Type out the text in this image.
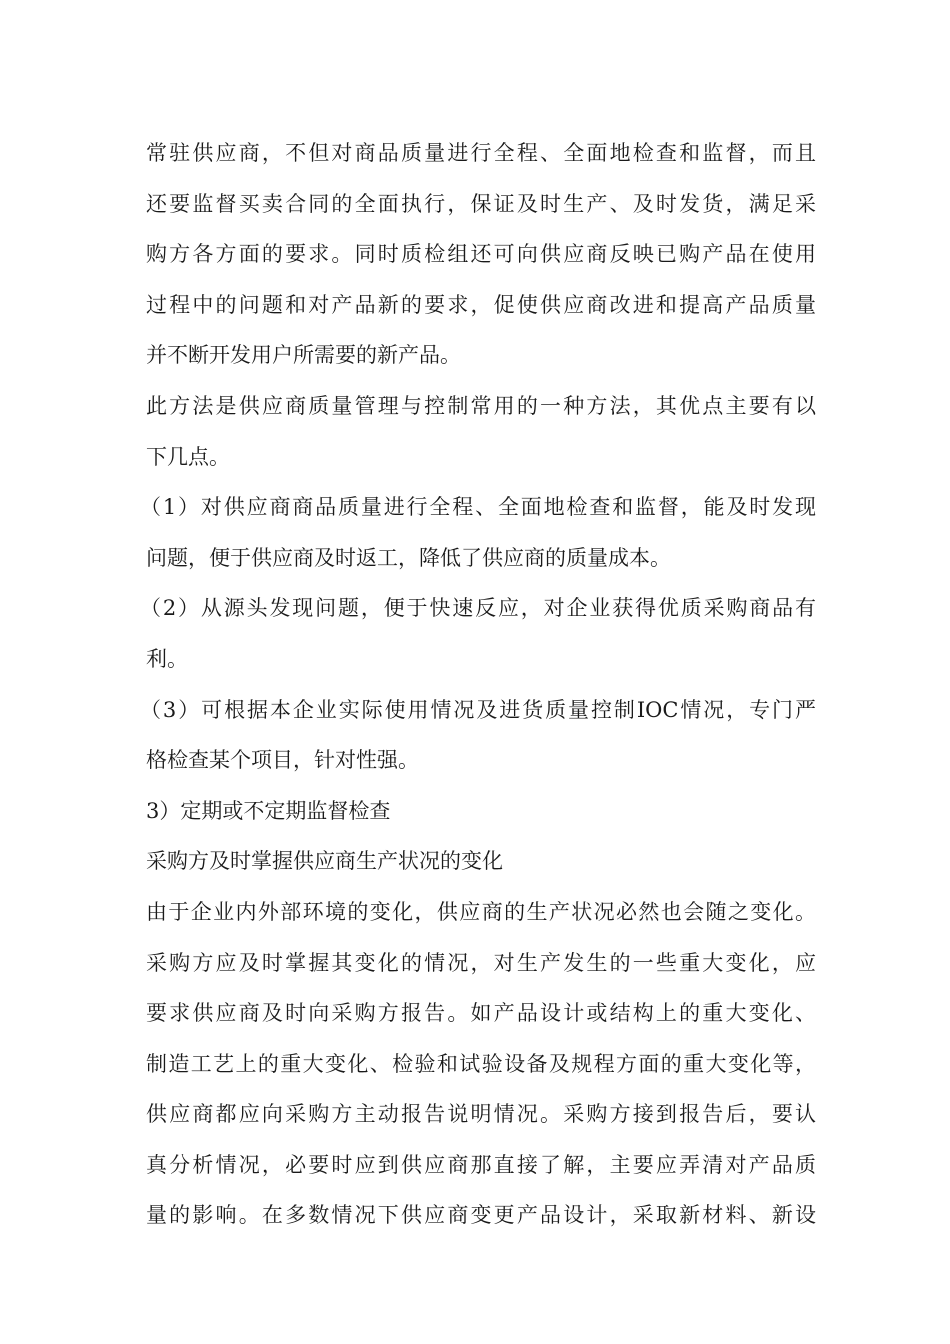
常驻供应商，不但对商品质量进行全程、全面地检查和监督，而且
还要监督买卖合同的全面执行，保证及时生产、及时发货，满足采
购方各方面的要求。同时质检组还可向供应商反映已购产品在使用
过程中的问题和对产品新的要求，促使供应商改进和提高产品质量
并不断开发用户所需要的新产品。
此方法是供应商质量管理与控制常用的一种方法，其优点主要有以
下几点。
（1）对供应商商品质量进行全程、全面地检查和监督，能及时发现
问题，便于供应商及时返工，降低了供应商的质量成本。
（2）从源头发现问题，便于快速反应，对企业获得优质采购商品有
利。
（3）可根据本企业实际使用情况及进货质量控制IOC情况，专门严
格检查某个项目，针对性强。
3）定期或不定期监督检查
采购方及时掌握供应商生产状况的变化
由于企业内外部环境的变化，供应商的生产状况必然也会随之变化。
采购方应及时掌握其变化的情况，对生产发生的一些重大变化，应
要求供应商及时向采购方报告。如产品设计或结构上的重大变化、
制造工艺上的重大变化、检验和试验设备及规程方面的重大变化等，
供应商都应向采购方主动报告说明情况。采购方接到报告后，要认
真分析情况，必要时应到供应商那直接了解，主要应弄清对产品质
量的影响。在多数情况下供应商变更产品设计，采取新材料、新设
